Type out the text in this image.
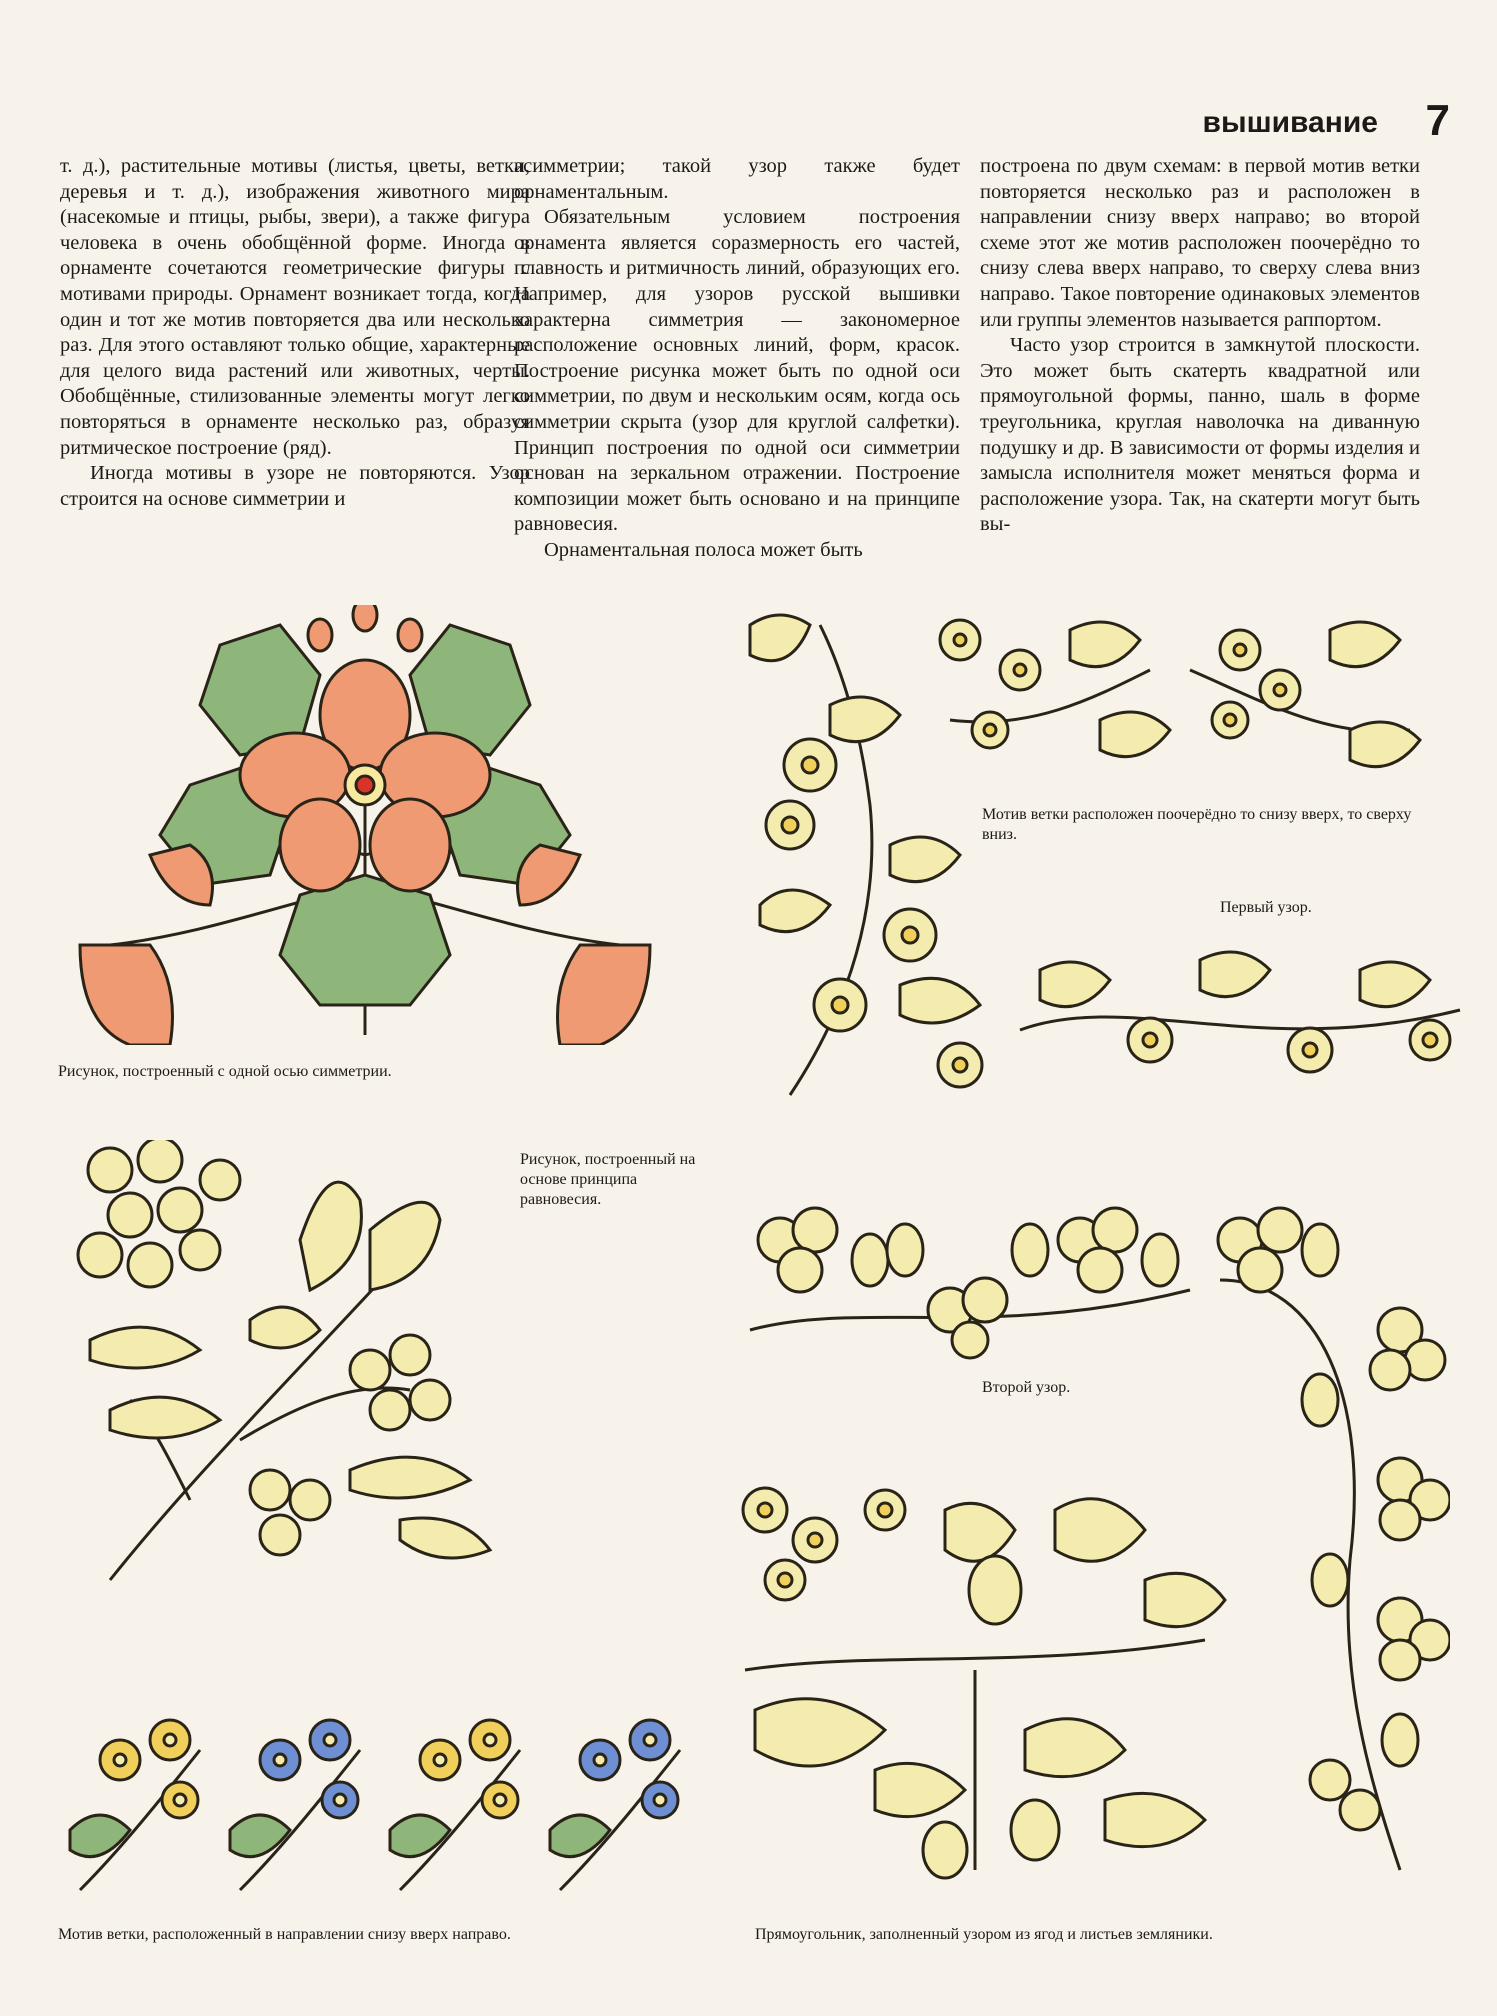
вышивание 7

т. д.), растительные мотивы (листья, цветы, ветки, деревья и т. д.), изображения животного мира (насекомые и птицы, рыбы, звери), а также фигура человека в очень обобщённой форме. Иногда в орнаменте сочетаются геометрические фигуры с мотивами природы. Орнамент возникает тогда, когда один и тот же мотив повторяется два или несколько раз. Для этого оставляют только общие, характерные для целого вида растений или животных, черты. Обобщённые, стилизованные элементы могут легко повторяться в орнаменте несколько раз, образуя ритмическое построение (ряд).

Иногда мотивы в узоре не повторяются. Узор строится на основе симметрии и

асимметрии; такой узор также будет орнаментальным.

Обязательным условием построения орнамента является соразмерность его частей, плавность и ритмичность линий, образующих его. Например, для узоров русской вышивки характерна симметрия — закономерное расположение основных линий, форм, красок. Построение рисунка может быть по одной оси симметрии, по двум и нескольким осям, когда ось симметрии скрыта (узор для круглой салфетки). Принцип построения по одной оси симметрии основан на зеркальном отражении. Построение композиции может быть основано и на принципе равновесия.

Орнаментальная полоса может быть

построена по двум схемам: в первой мотив ветки повторяется несколько раз и расположен в направлении снизу вверх направо; во второй схеме этот же мотив расположен поочерёдно то снизу слева вверх направо, то сверху слева вниз направо. Такое повторение одинаковых элементов или группы элементов называется раппортом.

Часто узор строится в замкнутой плоскости. Это может быть скатерть квадратной или прямоугольной формы, панно, шаль в форме треугольника, круглая наволочка на диванную подушку и др. В зависимости от формы изделия и замысла исполнителя может меняться форма и расположение узора. Так, на скатерти могут быть вы-

Рисунок, построенный с одной осью симметрии.
Рисунок, построенный на основе принципа равновесия.
Мотив ветки расположен поочерёдно то снизу вверх, то сверху вниз.
Первый узор.
Второй узор.
Мотив ветки, расположенный в направлении снизу вверх направо.	Прямоугольник, заполненный узором из ягод и листьев земляники.
